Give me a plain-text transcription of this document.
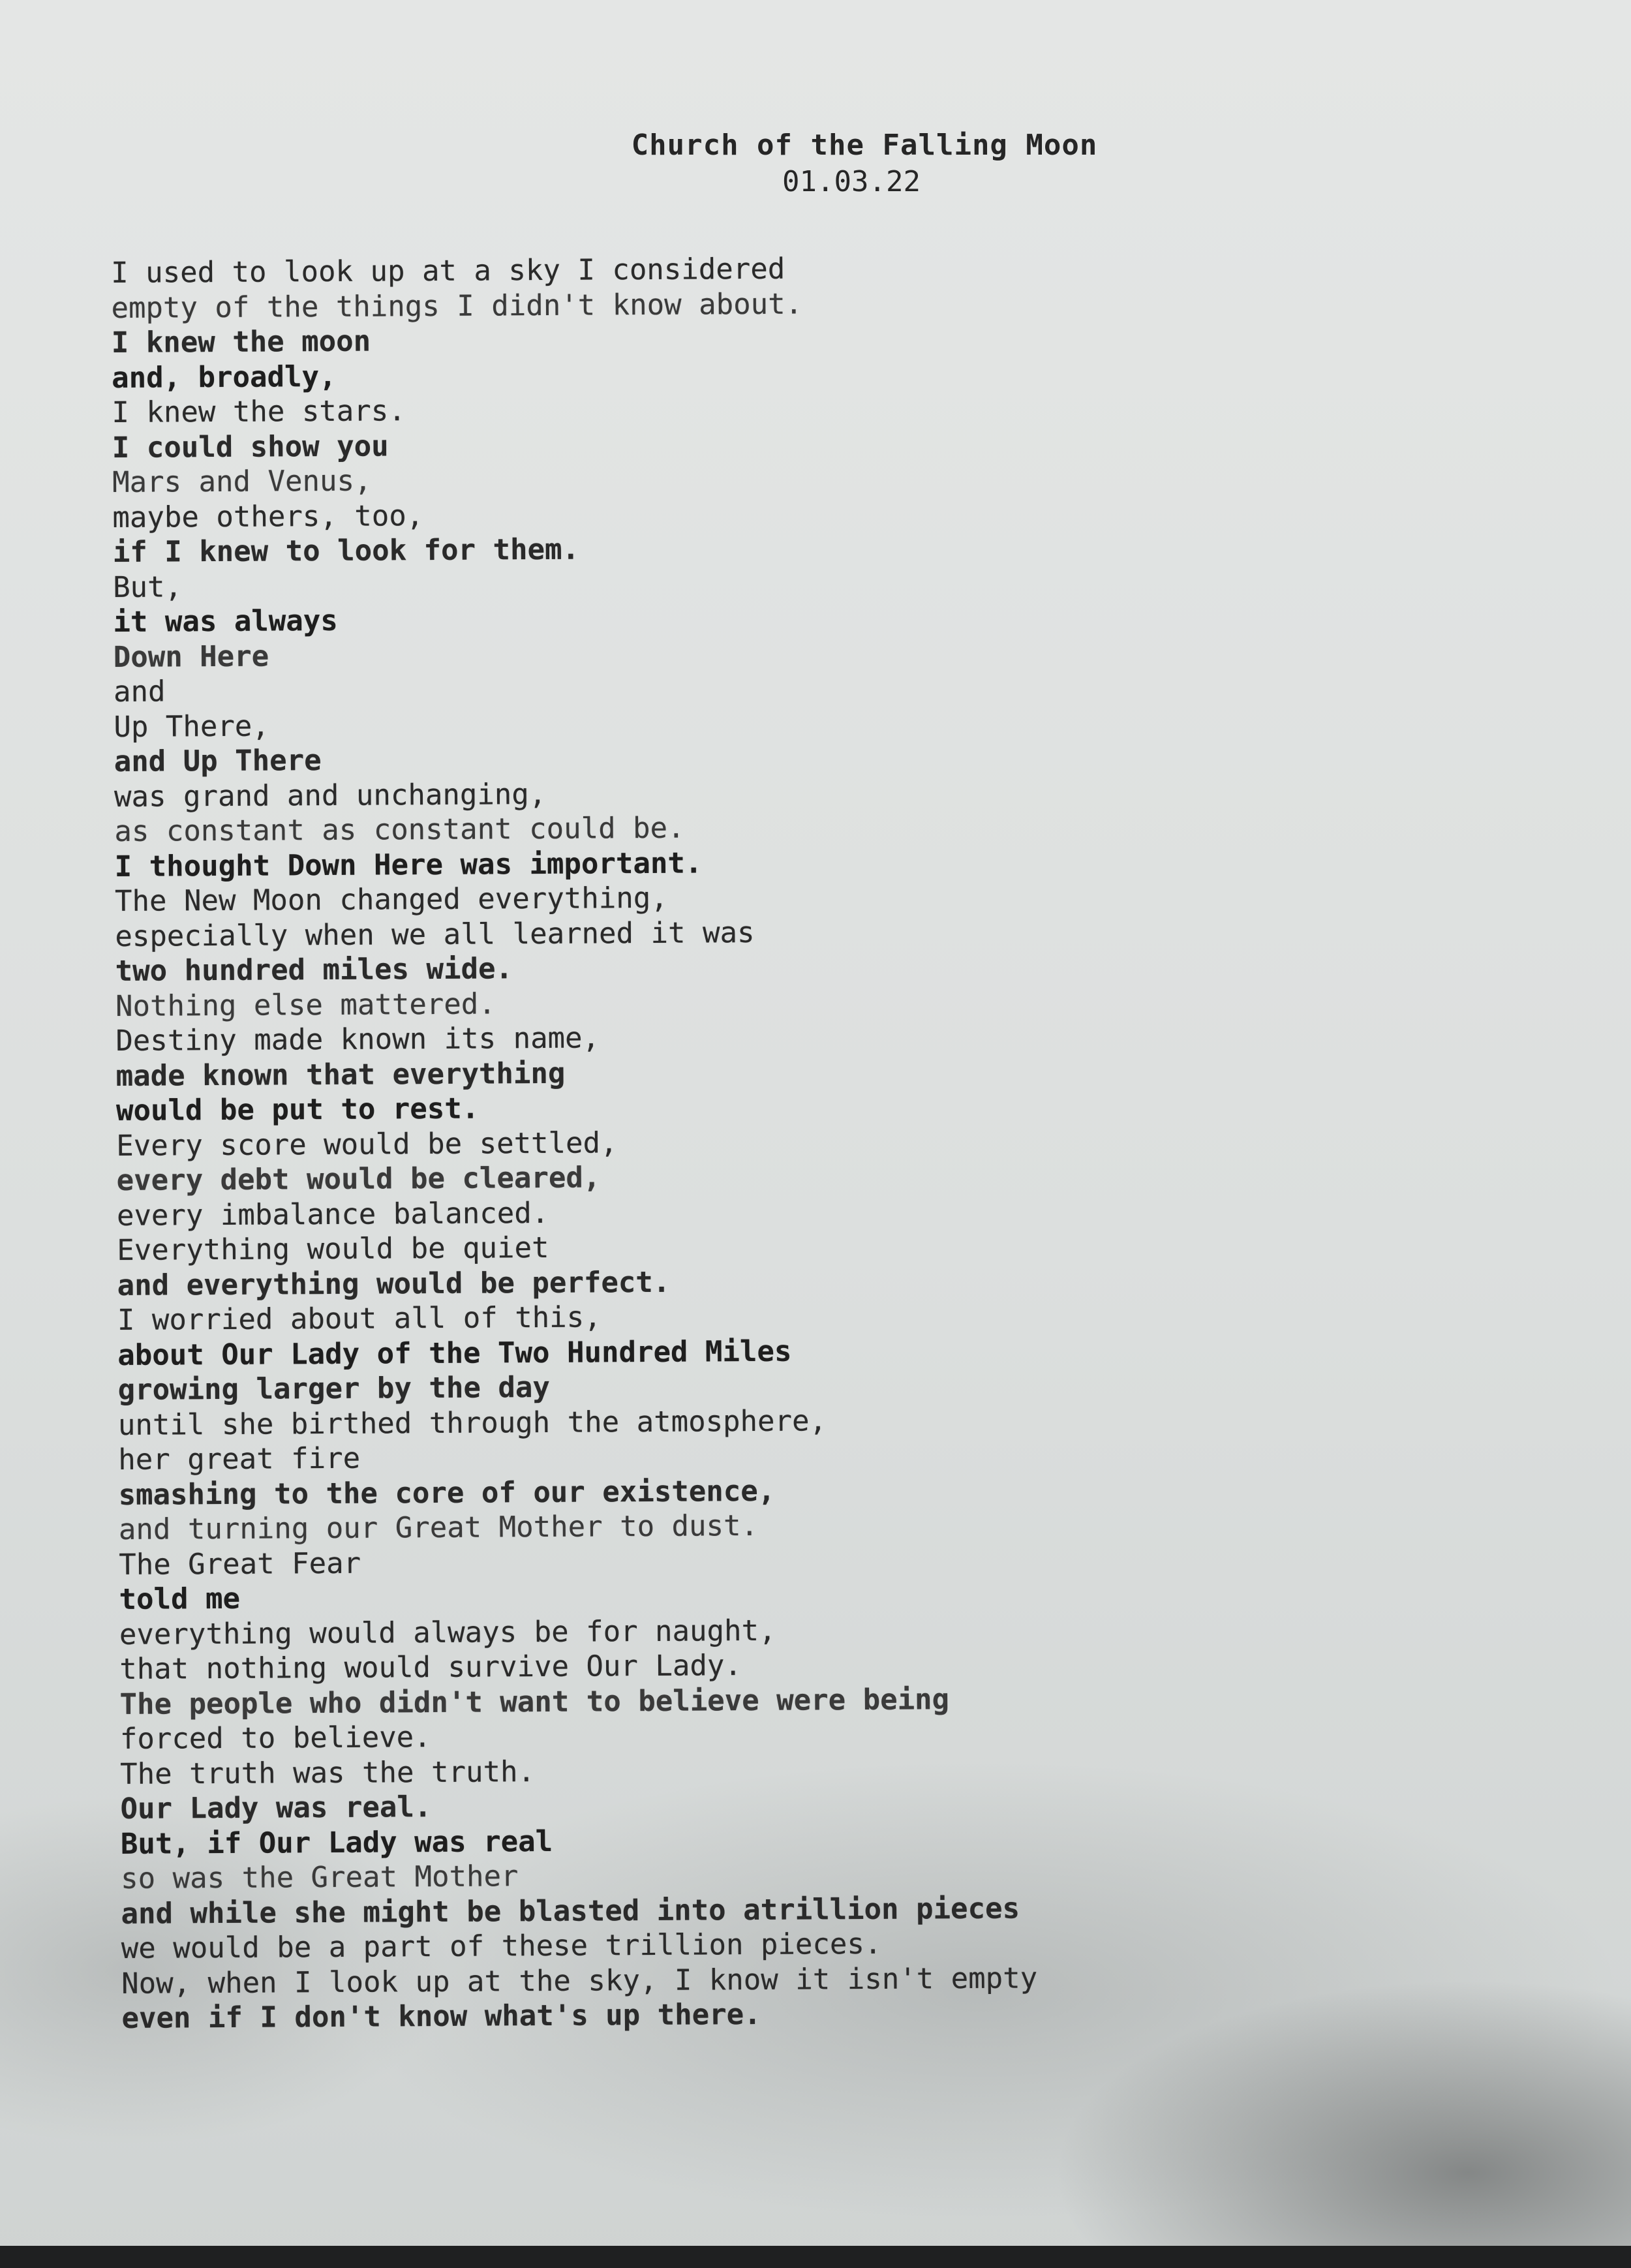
Church of the Falling Moon
01.03.22
I used to look up at a sky I considered
empty of the things I didn't know about.
I knew the moon
and, broadly,
I knew the stars.
I could show you
Mars and Venus,
maybe others, too,
if I knew to look for them.
But,
it was always
Down Here
and
Up There,
and Up There
was grand and unchanging,
as constant as constant could be.
I thought Down Here was important.
The New Moon changed everything,
especially when we all learned it was
two hundred miles wide.
Nothing else mattered.
Destiny made known its name,
made known that everything
would be put to rest.
Every score would be settled,
every debt would be cleared,
every imbalance balanced.
Everything would be quiet
and everything would be perfect.
I worried about all of this,
about Our Lady of the Two Hundred Miles
growing larger by the day
until she birthed through the atmosphere,
her great fire
smashing to the core of our existence,
and turning our Great Mother to dust.
The Great Fear
told me
everything would always be for naught,
that nothing would survive Our Lady.
The people who didn't want to believe were being
forced to believe.
The truth was the truth.
Our Lady was real.
But, if Our Lady was real
so was the Great Mother
and while she might be blasted into atrillion pieces
we would be a part of these trillion pieces.
Now, when I look up at the sky, I know it isn't empty
even if I don't know what's up there.
